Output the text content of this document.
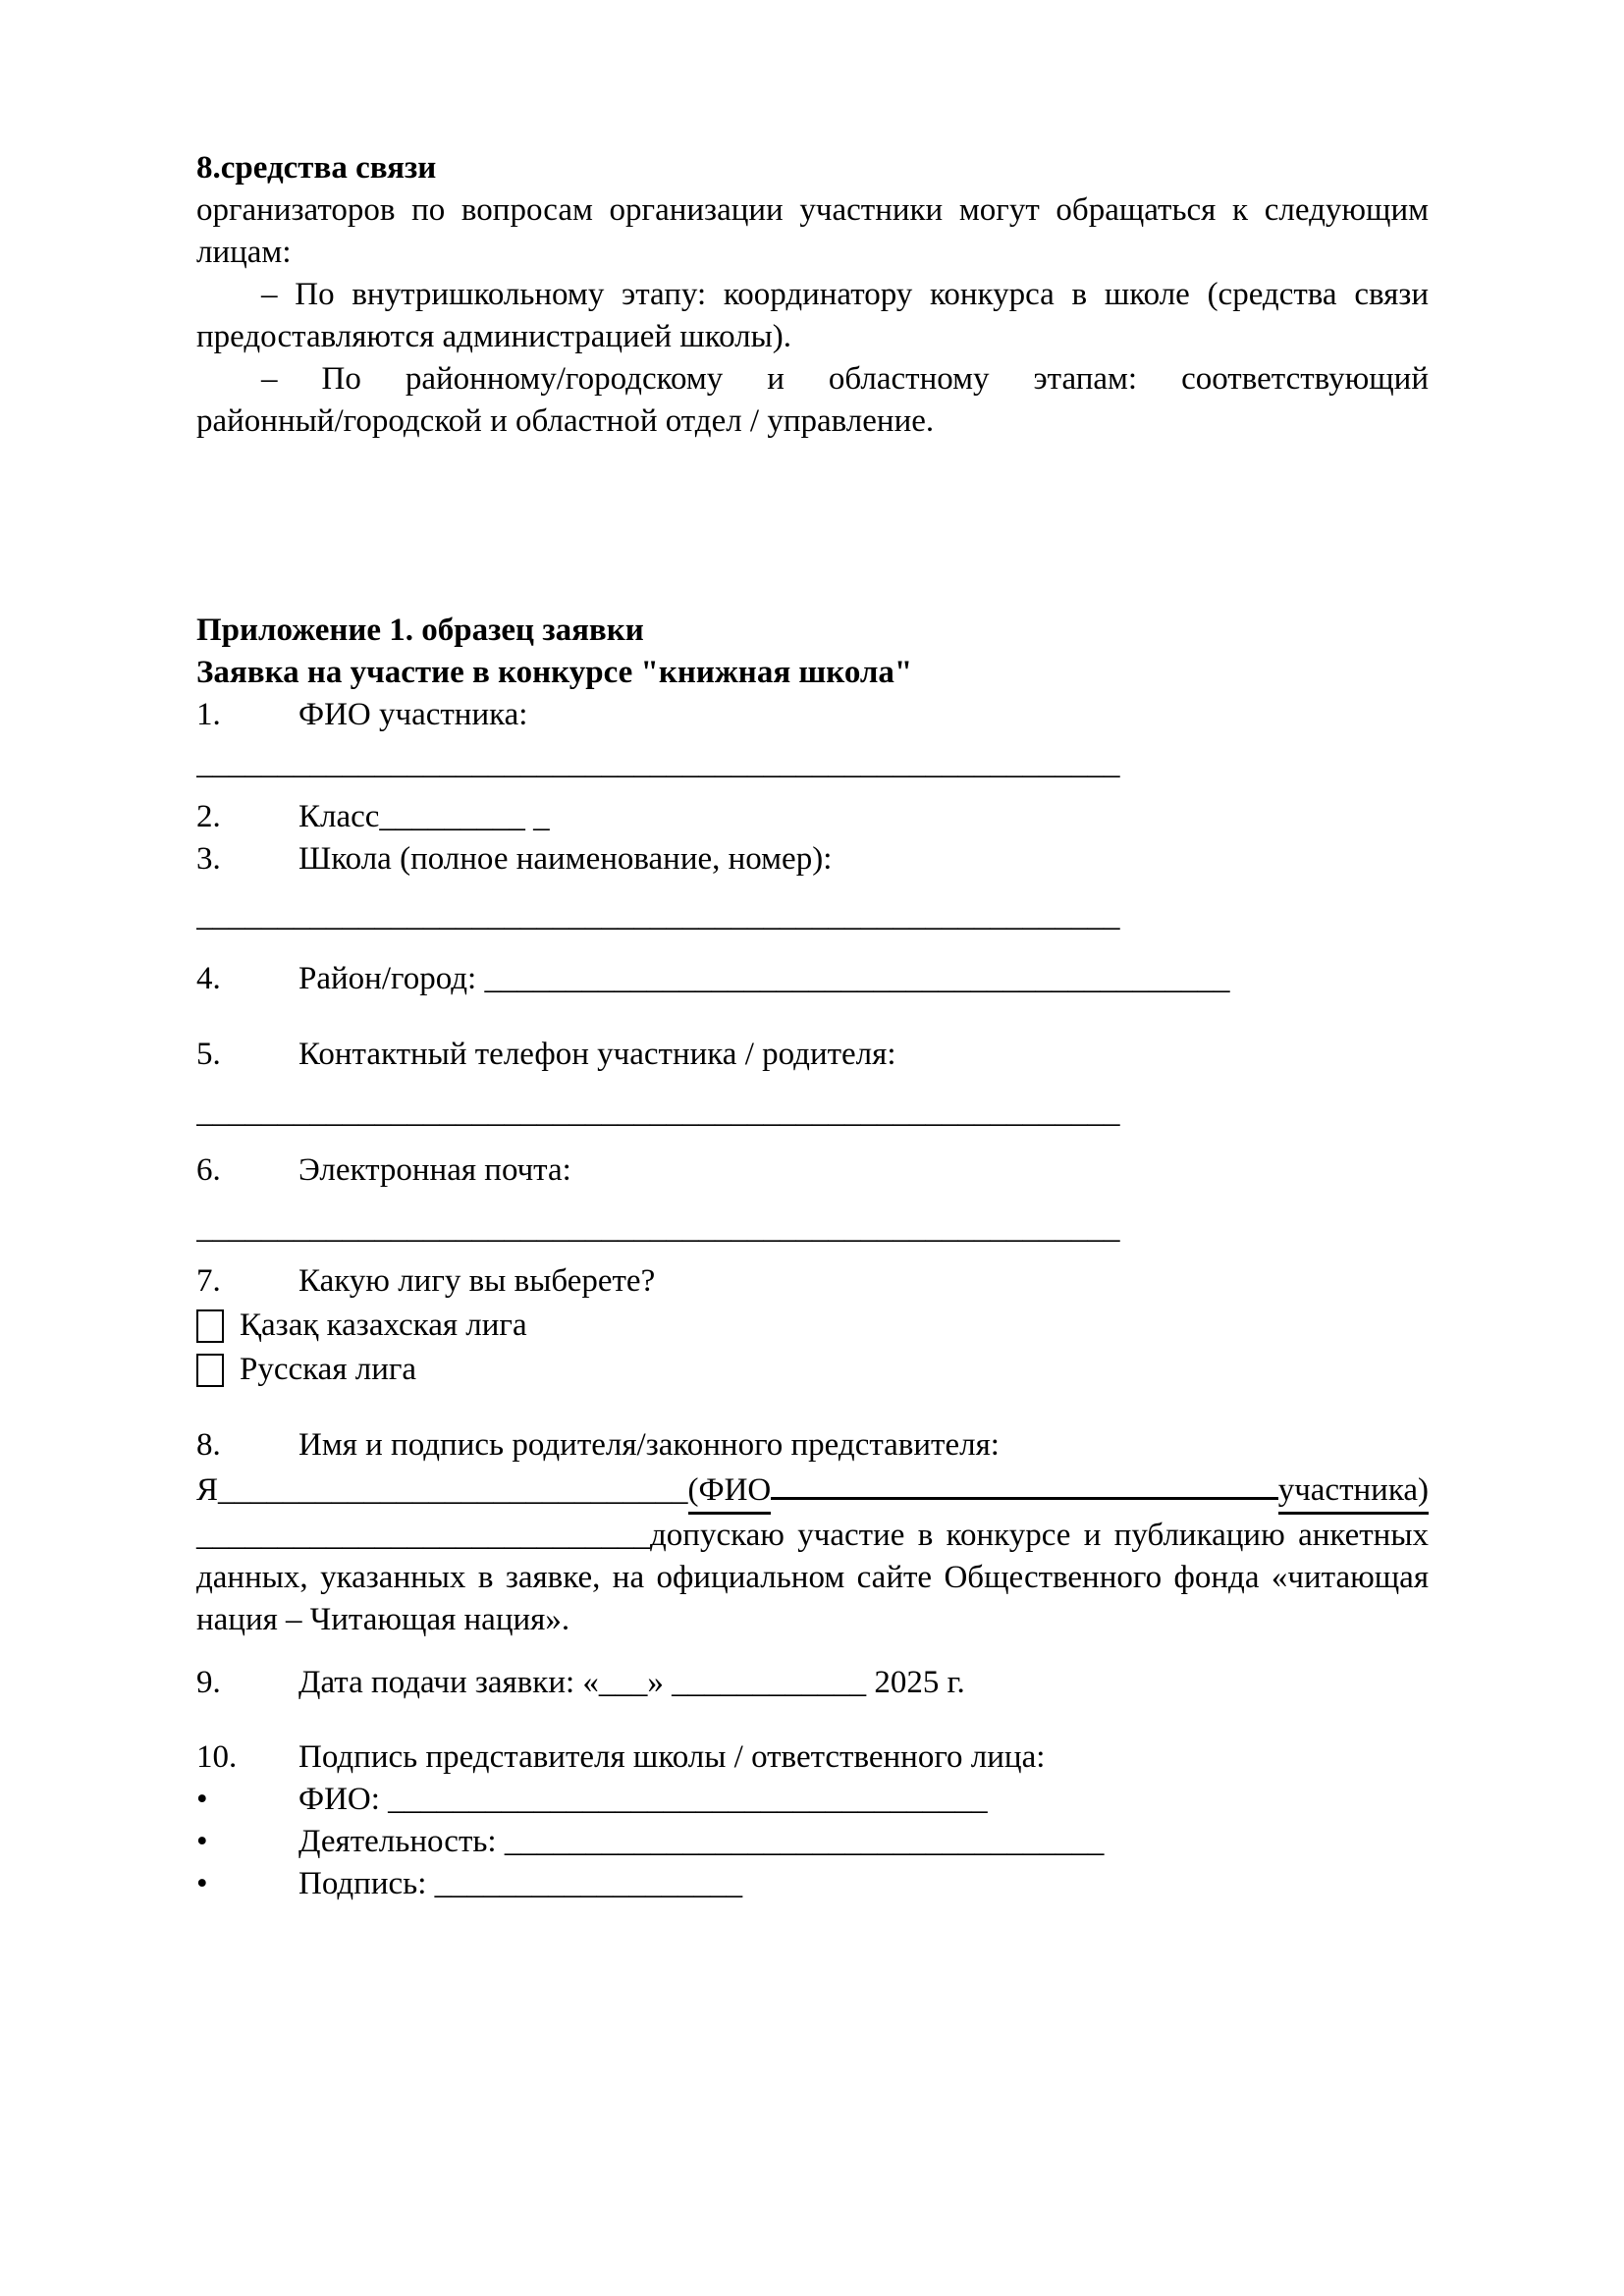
8.средства связи
организаторов по вопросам организации участники могут обращаться к следующим
лицам:
– По внутришкольному этапу: координатору конкурса в школе (средства связи
предоставляются администрацией школы).
– По районному/городскому и областному этапам: соответствующий
районный/городской и областной отдел / управление.
Приложение 1. образец заявки
Заявка на участие в конкурсе "книжная школа"
1.	ФИО участника:
_________________________________________________________
2.	Класс_________ _
3.	Школа (полное наименование, номер):
_________________________________________________________
4.	Район/город: ______________________________________________
5.	Контактный телефон участника / родителя:
_________________________________________________________
6.	Электронная почта:
_________________________________________________________
7.	Какую лигу вы выберете?
Қазақ казахская лига
Русская лига
8.	Имя и подпись родителя/законного представителя:
Я _____________________________ (ФИО	участника)
____________________________ допускаю участие в конкурсе и публикацию анкетных
данных, указанных в заявке, на официальном сайте Общественного фонда «читающая
нация – Читающая нация».
9.	Дата подачи заявки: «___» ____________ 2025 г.
10.	Подпись представителя школы / ответственного лица:
•	ФИО: _____________________________________
•	Деятельность: _____________________________________
•	Подпись: ___________________
